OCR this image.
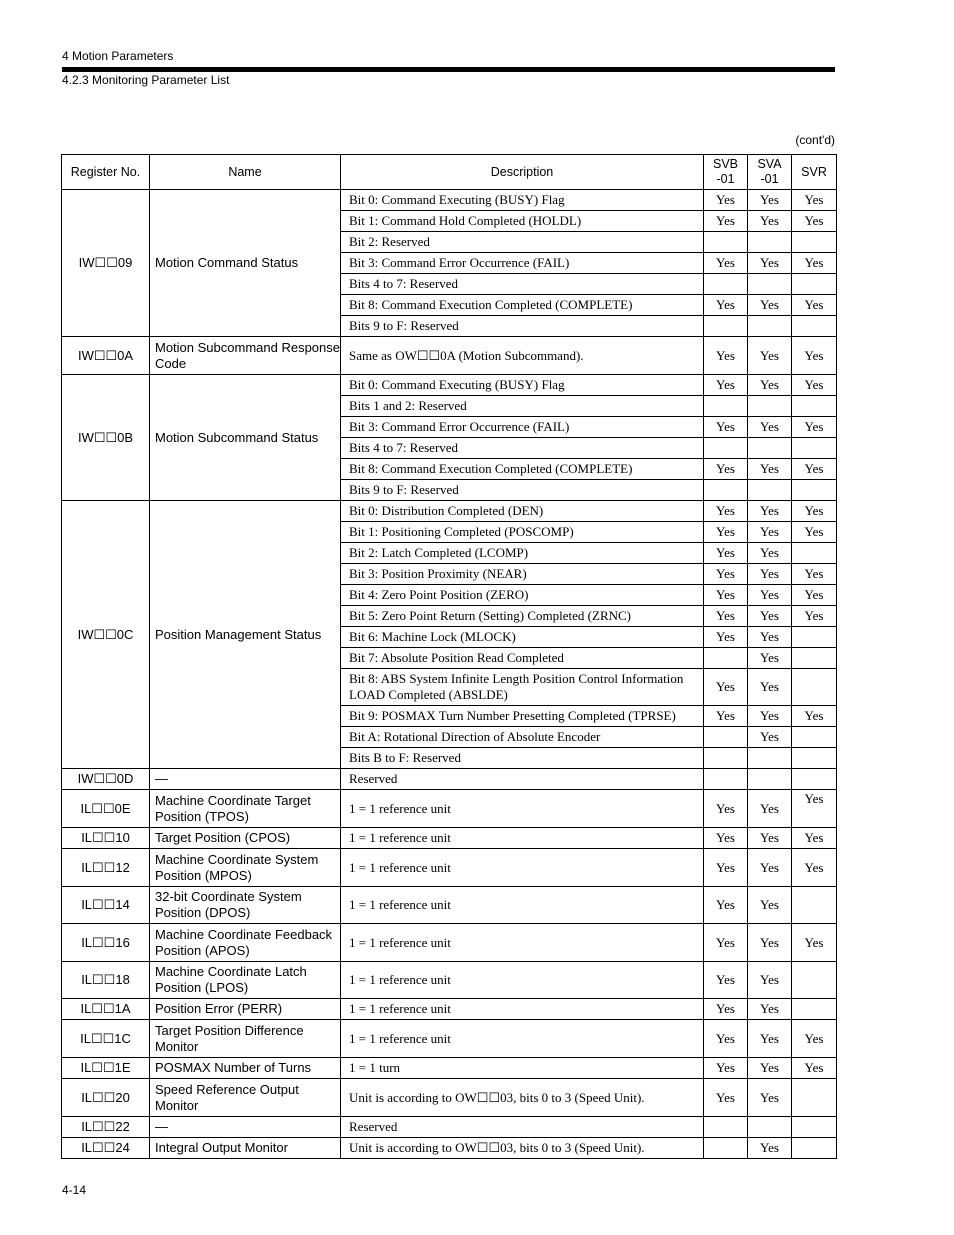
4 Motion Parameters
4.2.3 Monitoring Parameter List
(cont'd)
Register No.	Name	Description	SVB -01	SVA -01	SVR
IW☐☐09	Motion Command Status	Bit 0: Command Executing (BUSY) Flag	Yes	Yes	Yes
		Bit 1: Command Hold Completed (HOLDL)	Yes	Yes	Yes
		Bit 2: Reserved			
		Bit 3: Command Error Occurrence (FAIL)	Yes	Yes	Yes
		Bits 4 to 7: Reserved			
		Bit 8: Command Execution Completed (COMPLETE)	Yes	Yes	Yes
		Bits 9 to F: Reserved			
IW☐☐0A	Motion Subcommand Response Code	Same as OW☐☐0A (Motion Subcommand).	Yes	Yes	Yes
IW☐☐0B	Motion Subcommand Status	Bit 0: Command Executing (BUSY) Flag	Yes	Yes	Yes
		Bits 1 and 2: Reserved			
		Bit 3: Command Error Occurrence (FAIL)	Yes	Yes	Yes
		Bits 4 to 7: Reserved			
		Bit 8: Command Execution Completed (COMPLETE)	Yes	Yes	Yes
		Bits 9 to F: Reserved			
IW☐☐0C	Position Management Status	Bit 0: Distribution Completed (DEN)	Yes	Yes	Yes
		Bit 1: Positioning Completed (POSCOMP)	Yes	Yes	Yes
		Bit 2: Latch Completed (LCOMP)	Yes	Yes	
		Bit 3: Position Proximity (NEAR)	Yes	Yes	Yes
		Bit 4: Zero Point Position (ZERO)	Yes	Yes	Yes
		Bit 5: Zero Point Return (Setting) Completed (ZRNC)	Yes	Yes	Yes
		Bit 6: Machine Lock (MLOCK)	Yes	Yes	
		Bit 7: Absolute Position Read Completed		Yes	
		Bit 8: ABS System Infinite Length Position Control Information LOAD Completed (ABSLDE)	Yes	Yes	
		Bit 9: POSMAX Turn Number Presetting Completed (TPRSE)	Yes	Yes	Yes
		Bit A: Rotational Direction of Absolute Encoder		Yes	
		Bits B to F: Reserved			
IW☐☐0D	—	Reserved			
IL☐☐0E	Machine Coordinate Target Position (TPOS)	1 = 1 reference unit	Yes	Yes	Yes
IL☐☐10	Target Position (CPOS)	1 = 1 reference unit	Yes	Yes	Yes
IL☐☐12	Machine Coordinate System Position (MPOS)	1 = 1 reference unit	Yes	Yes	Yes
IL☐☐14	32-bit Coordinate System Position (DPOS)	1 = 1 reference unit	Yes	Yes	
IL☐☐16	Machine Coordinate Feedback Position (APOS)	1 = 1 reference unit	Yes	Yes	Yes
IL☐☐18	Machine Coordinate Latch Position (LPOS)	1 = 1 reference unit	Yes	Yes	
IL☐☐1A	Position Error (PERR)	1 = 1 reference unit	Yes	Yes	
IL☐☐1C	Target Position Difference Monitor	1 = 1 reference unit	Yes	Yes	Yes
IL☐☐1E	POSMAX Number of Turns	1 = 1 turn	Yes	Yes	Yes
IL☐☐20	Speed Reference Output Monitor	Unit is according to OW☐☐03, bits 0 to 3 (Speed Unit).	Yes	Yes	
IL☐☐22	—	Reserved			
IL☐☐24	Integral Output Monitor	Unit is according to OW☐☐03, bits 0 to 3 (Speed Unit).		Yes	
4-14
